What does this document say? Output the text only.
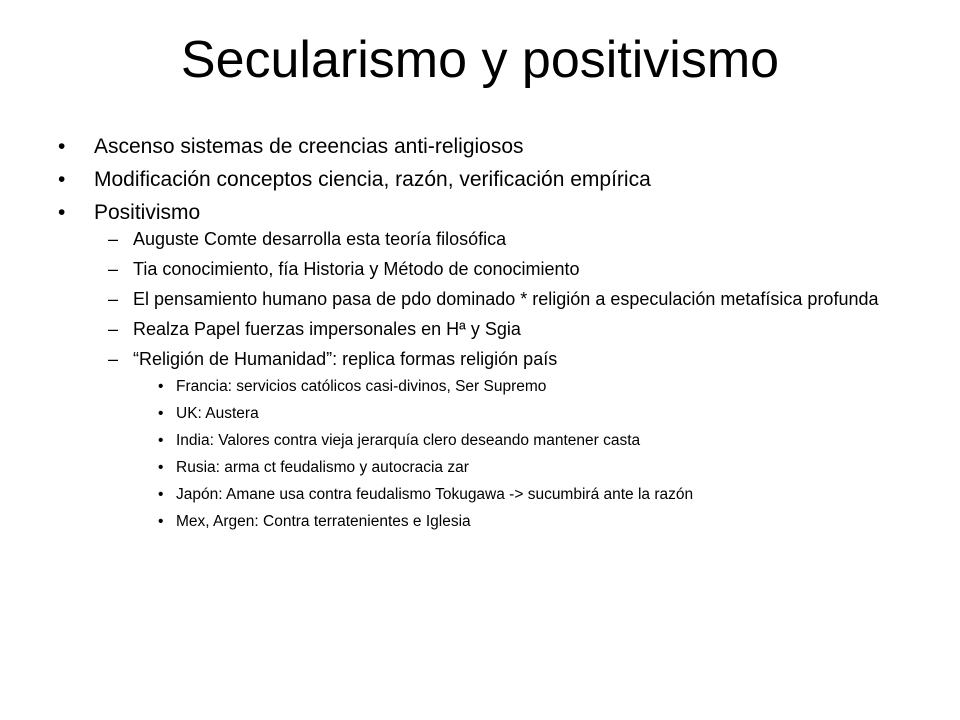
Secularismo y positivismo
• Ascenso sistemas de creencias anti-religiosos
• Modificación conceptos ciencia, razón, verificación empírica
• Positivismo
– Auguste Comte desarrolla esta teoría filosófica
– Tia conocimiento, fía Historia y Método de conocimiento
– El pensamiento humano pasa de pdo dominado * religión a especulación metafísica profunda
– Realza Papel fuerzas impersonales en Hª y Sgia
– “Religión de Humanidad”: replica formas religión país
• Francia: servicios católicos casi-divinos, Ser Supremo
• UK: Austera
• India: Valores contra vieja jerarquía clero deseando mantener casta
• Rusia: arma ct feudalismo y autocracia zar
• Japón: Amane usa contra feudalismo Tokugawa -> sucumbirá ante la razón
• Mex, Argen: Contra terratenientes e Iglesia
